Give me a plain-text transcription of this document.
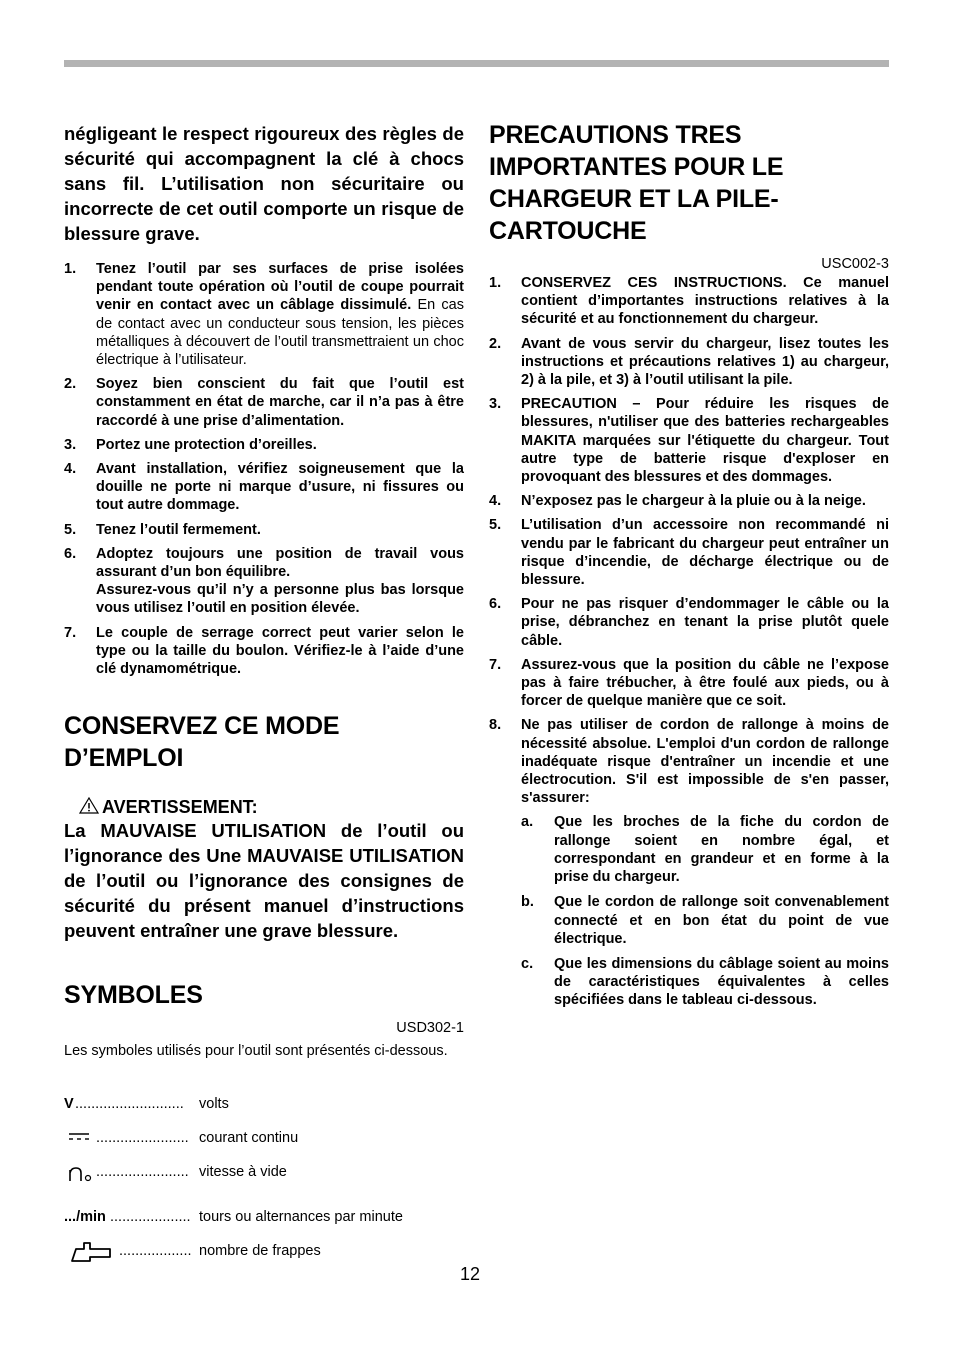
négligeant le respect rigoureux des règles de sécurité qui accompagnent la clé à chocs sans fil. L’utilisation non sécuritaire ou incorrecte de cet outil comporte un risque de blessure grave.
1. Tenez l’outil par ses surfaces de prise isolées pendant toute opération où l’outil de coupe pourrait venir en contact avec un câblage dissimulé. En cas de contact avec un conducteur sous tension, les pièces métalliques à découvert de l’outil transmettraient un choc électrique à l’utilisateur.
2. Soyez bien conscient du fait que l’outil est constamment en état de marche, car il n’a pas à être raccordé à une prise d’alimentation.
3. Portez une protection d’oreilles.
4. Avant installation, vérifiez soigneusement que la douille ne porte ni marque d’usure, ni fissures ou tout autre dommage.
5. Tenez l’outil fermement.
6. Adoptez toujours une position de travail vous assurant d’un bon équilibre.
Assurez-vous qu’il n’y a personne plus bas lorsque vous utilisez l’outil en position élevée.
7. Le couple de serrage correct peut varier selon le type ou la taille du boulon. Vérifiez-le à l’aide d’une clé dynamométrique.
CONSERVEZ CE MODE
D’EMPLOI
AVERTISSEMENT:
La MAUVAISE UTILISATION de l’outil ou l’ignorance des Une MAUVAISE UTILISATION de l’outil ou l’ignorance des consignes de sécurité du présent manuel d’instructions peuvent entraîner une grave blessure.
SYMBOLES
USD302-1
Les symboles utilisés pour l’outil sont présentés ci-dessous.
V ........................... volts
....................... courant continu
....................... vitesse à vide
.../min .................... tours ou alternances par minute
.................. nombre de frappes
PRECAUTIONS TRES
IMPORTANTES POUR LE
CHARGEUR ET LA PILE-
CARTOUCHE
USC002-3
1. CONSERVEZ CES INSTRUCTIONS. Ce manuel contient d’importantes instructions relatives à la sécurité et au fonctionnement du chargeur.
2. Avant de vous servir du chargeur, lisez toutes les instructions et précautions relatives 1) au chargeur, 2) à la pile, et 3) à l’outil utilisant la pile.
3. PRECAUTION – Pour réduire les risques de blessures, n'utiliser que des batteries rechargeables MAKITA marquées sur l'étiquette du chargeur. Tout autre type de batterie risque d'exploser en provoquant des blessures et des dommages.
4. N’exposez pas le chargeur à la pluie ou à la neige.
5. L’utilisation d’un accessoire non recommandé ni vendu par le fabricant du chargeur peut entraîner un risque d’incendie, de décharge électrique ou de blessure.
6. Pour ne pas risquer d’endommager le câble ou la prise, débranchez en tenant la prise plutôt quele câble.
7. Assurez-vous que la position du câble ne l’expose pas à faire trébucher, à être foulé aux pieds, ou à forcer de quelque manière que ce soit.
8. Ne pas utiliser de cordon de rallonge à moins de nécessité absolue. L'emploi d'un cordon de rallonge inadéquate risque d'entraîner un incendie et une électrocution. S'il est impossible de s'en passer, s'assurer:
a. Que les broches de la fiche du cordon de rallonge soient en nombre égal, et correspondant en grandeur et en forme à la prise du chargeur.
b. Que le cordon de rallonge soit convenablement connecté et en bon état du point de vue électrique.
c. Que les dimensions du câblage soient au moins de caractéristiques équivalentes à celles spécifiées dans le tableau ci-dessous.
12
